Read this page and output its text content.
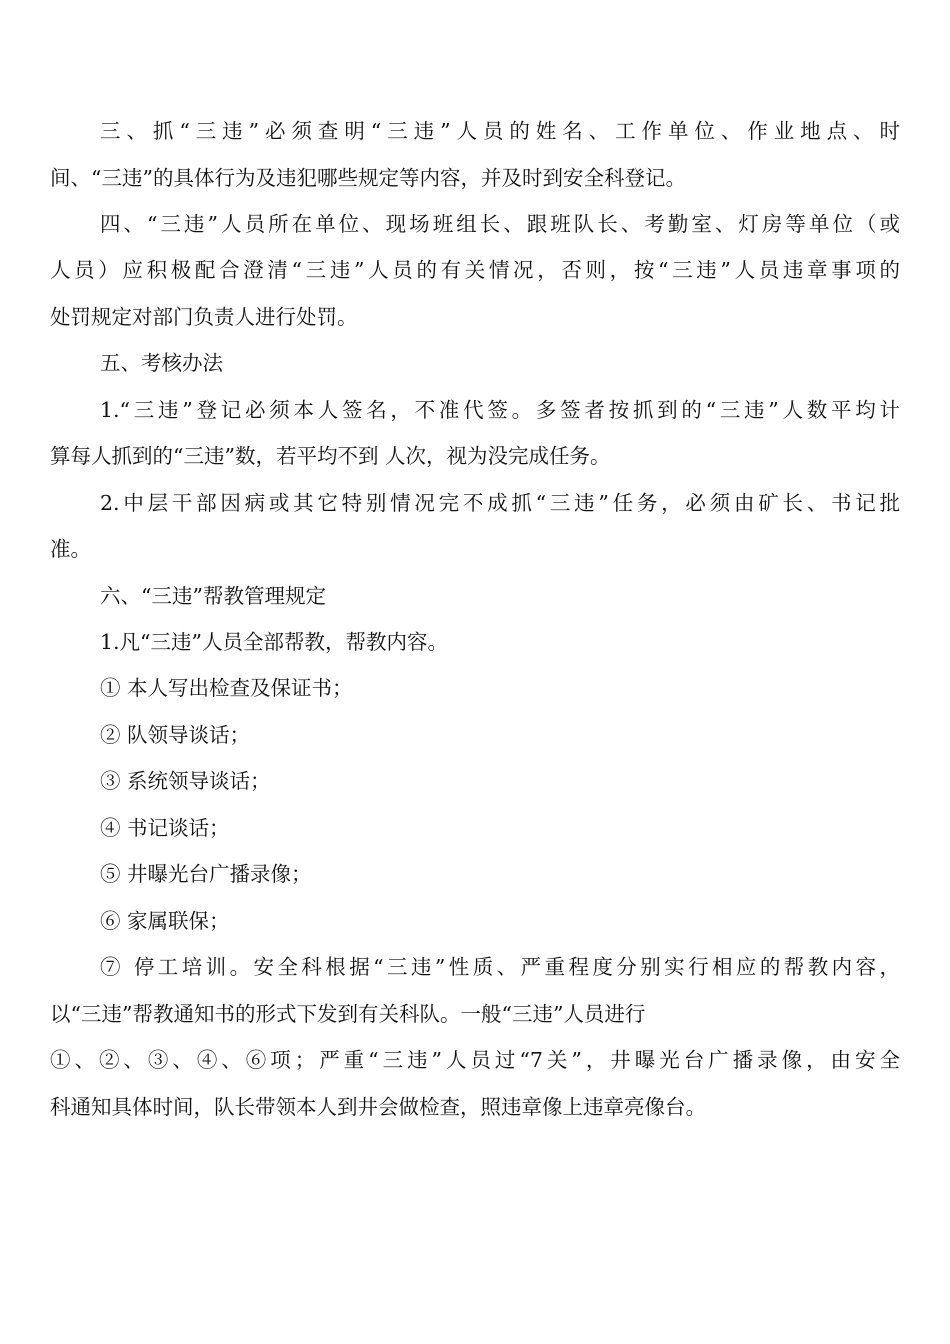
三、抓“三违”必须查明“三违”人员的姓名、工作单位、作业地点、时
间、“三违”的具体行为及违犯哪些规定等内容，并及时到安全科登记。
四、“三违”人员所在单位、现场班组长、跟班队长、考勤室、灯房等单位（或
人员）应积极配合澄清“三违”人员的有关情况，否则，按“三违”人员违章事项的
处罚规定对部门负责人进行处罚。
五、考核办法
1.“三违”登记必须本人签名，不准代签。多签者按抓到的“三违”人数平均计
算每人抓到的“三违”数，若平均不到 人次，视为没完成任务。
2.中层干部因病或其它特别情况完不成抓“三违”任务，必须由矿长、书记批
准。
六、“三违”帮教管理规定
1.凡“三违”人员全部帮教，帮教内容。
① 本人写出检查及保证书；
② 队领导谈话；
③ 系统领导谈话；
④ 书记谈话；
⑤ 井曝光台广播录像；
⑥ 家属联保；
⑦ 停工培训。安全科根据“三违”性质、严重程度分别实行相应的帮教内容，
以“三违”帮教通知书的形式下发到有关科队。一般“三违”人员进行
①、②、③、④、⑥项；严重“三违”人员过“7关”，井曝光台广播录像，由安全
科通知具体时间，队长带领本人到井会做检查，照违章像上违章亮像台。
